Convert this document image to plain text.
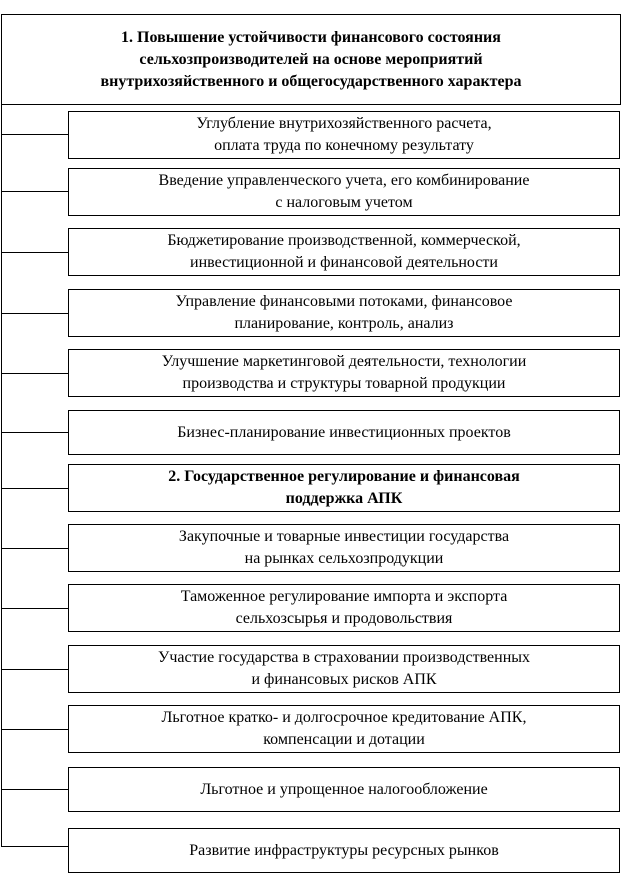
1. Повышение устойчивости финансового состояния
сельхозпроизводителей на основе мероприятий
внутрихозяйственного и общегосударственного характера
Углубление внутрихозяйственного расчета,
оплата труда по конечному результату
Введение управленческого учета, его комбинирование
с налоговым учетом
Бюджетирование производственной, коммерческой,
инвестиционной и финансовой деятельности
Управление финансовыми потоками, финансовое
планирование, контроль, анализ
Улучшение маркетинговой деятельности, технологии
производства и структуры товарной продукции
Бизнес-планирование инвестиционных проектов
2. Государственное регулирование и финансовая
поддержка АПК
Закупочные и товарные инвестиции государства
на рынках сельхозпродукции
Таможенное регулирование импорта и экспорта
сельхозсырья и продовольствия
Участие государства в страховании производственных
и финансовых рисков АПК
Льготное кратко- и долгосрочное кредитование АПК,
компенсации и дотации
Льготное и упрощенное налогообложение
Развитие инфраструктуры ресурсных рынков
